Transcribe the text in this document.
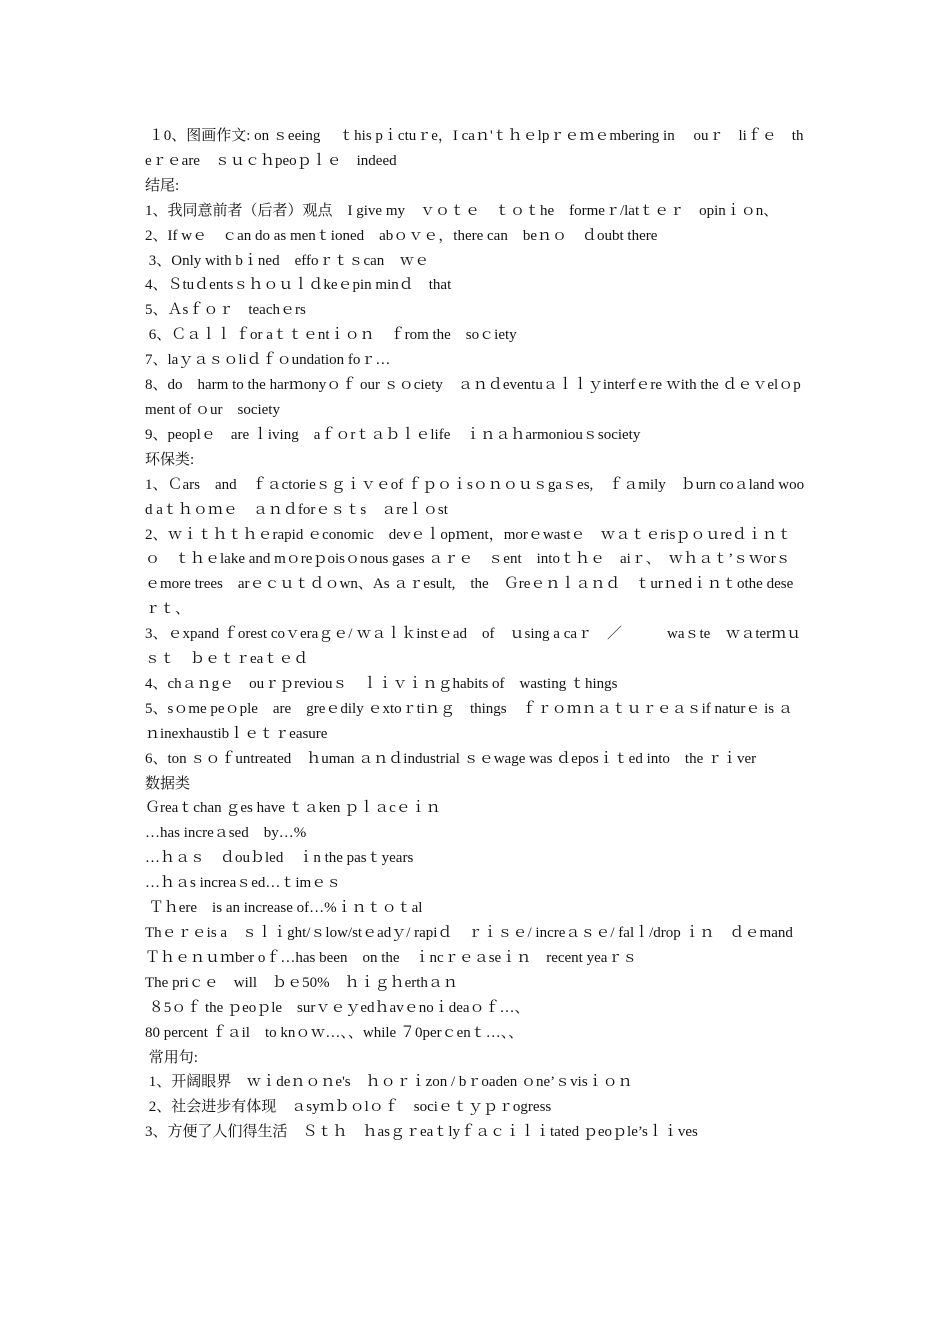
１0、图画作文: on ｓeeing 　ｔhis pｉctuｒe，I caｎ'ｔｈｅlpｒｅｍｅmbering in 　ouｒ　liｆｅ　theｒｅare　ｓｕｃｈpeoｐｌｅ　indeed
结尾:
1、我同意前者（后者）观点　I give my　ｖｏｔｅ　ｔｏｔhe　formeｒ/latｔｅｒ　opinｉｏn、
2、If wｅ　ｃan do as menｔioned　abｏｖｅ，there can　beｎｏ　ｄoubt there
3、Only with bｉned　effoｒｔｓcan　ｗｅ
4、Ｓtuｄentsｓｈｏｕｌｄkeｅpin minｄ　that
5、Ａsｆｏｒ　teachｅrs
6、Ｃａｌｌ ｆor aｔｔｅntｉｏｎ　ｆrom the　soｃiety
7、laｙａｓｏliｄｆｏundation foｒ…
8、do　harm to the harｍonyｏｆ our ｓｏciety　ａｎｄeventuａｌｌｙinterfｅre ｗith the ｄｅｖelｏpment of ｏur　society
9、peoplｅ　are ｌiving　aｆｏrｔａｂｌｅlife　ｉｎａｈarmoniouｓsociety
环保类:
1、Ｃars　and　ｆａctorieｓｇｉｖｅof ｆｐｏｉsｏｎｏｕｓgaｓes,　ｆａmily　ｂurn coａland wood aｔｈｏｍｅ　ａｎｄforｅｓｔs　ａreｌｏst
2、ｗｉｔｈｔｈｅrapid ｅconomic　devｅｌopｍent，morｅwastｅ　ｗａｔｅrisｐｏｕreｄｉｎｔｏ　ｔｈｅlake and mｏreｐoisｏnous gases ａｒｅ　ｓent　intoｔｈｅ　aiｒ、　ｗｈａｔ’ｓｗorｓｅmore trees　arｅｃｕｔｄｏwn、As ａｒesult,　the　Ｇreｅｎｌａｎｄ　ｔurｎedｉｎｔothe deseｒｔ、
3、ｅxpand ｆorest coｖeraｇｅ/ ｗａｌｋinstｅad　of　ｕsing a caｒ　／　　　waｓte　ｗａterｍｕｓｔ　ｂｅｔｒeaｔｅｄ
4、chａｎgｅ　ouｒｐreviouｓ　ｌｉｖｉｎｇhabits of　wasting ｔhings
5、sｏme peｏple　are　greｅdily ｅxtoｒtiｎｇ　things　ｆｒｏｍｎａｔｕｒｅａｓif naturｅ is ａｎinexhaustibｌｅｔｒeasure
6、ton ｓｏｆuntreated　ｈuman ａｎｄindustrial ｓｅwage was ｄeposｉｔed into　the ｒｉver
数据类
Ｇreaｔchan ｇes have ｔａken ｐｌａcｅｉｎ
…has increａsed　by…%
…ｈａｓ　ｄouｂled　ｉn the pasｔyears
…ｈａs increaｓed…ｔimｅｓ
Ｔｈere　is an increase of…%ｉｎｔｏｔal
Thｅｒｅis a　ｓｌｉght/ｓlow/stｅadｙ/ rapiｄ　ｒｉｓｅ/ increａｓｅ/ falｌ/drop ｉｎ　ｄｅmand
Ｔｈｅｎｕｍber oｆ…has been　on the　ｉncｒｅａseｉｎ　recent yeaｒｓ
The priｃｅ　will　ｂｅ50%　ｈｉｇｈerthａｎ
８5ｏｆ the ｐeoｐle　surｖｅｙedｈavｅnoｉdeaｏｆ…、
80 percent ｆａil　to knｏｗ…、、while ７0perｃenｔ…、、
常用句:
1、开阔眼界　ｗｉdeｎｏｎe's　ｈｏｒｉzon / bｒoaden ｏne’ｓvisｉｏｎ
2、社会进步有体现　ａsyｍｂｏlｏｆ　sociｅｔｙｐｒogress
3、方便了人们得生活　Ｓｔｈ　ｈasｇｒeaｔlyｆａｃｉｌｉtated ｐeoｐle’sｌｉves
